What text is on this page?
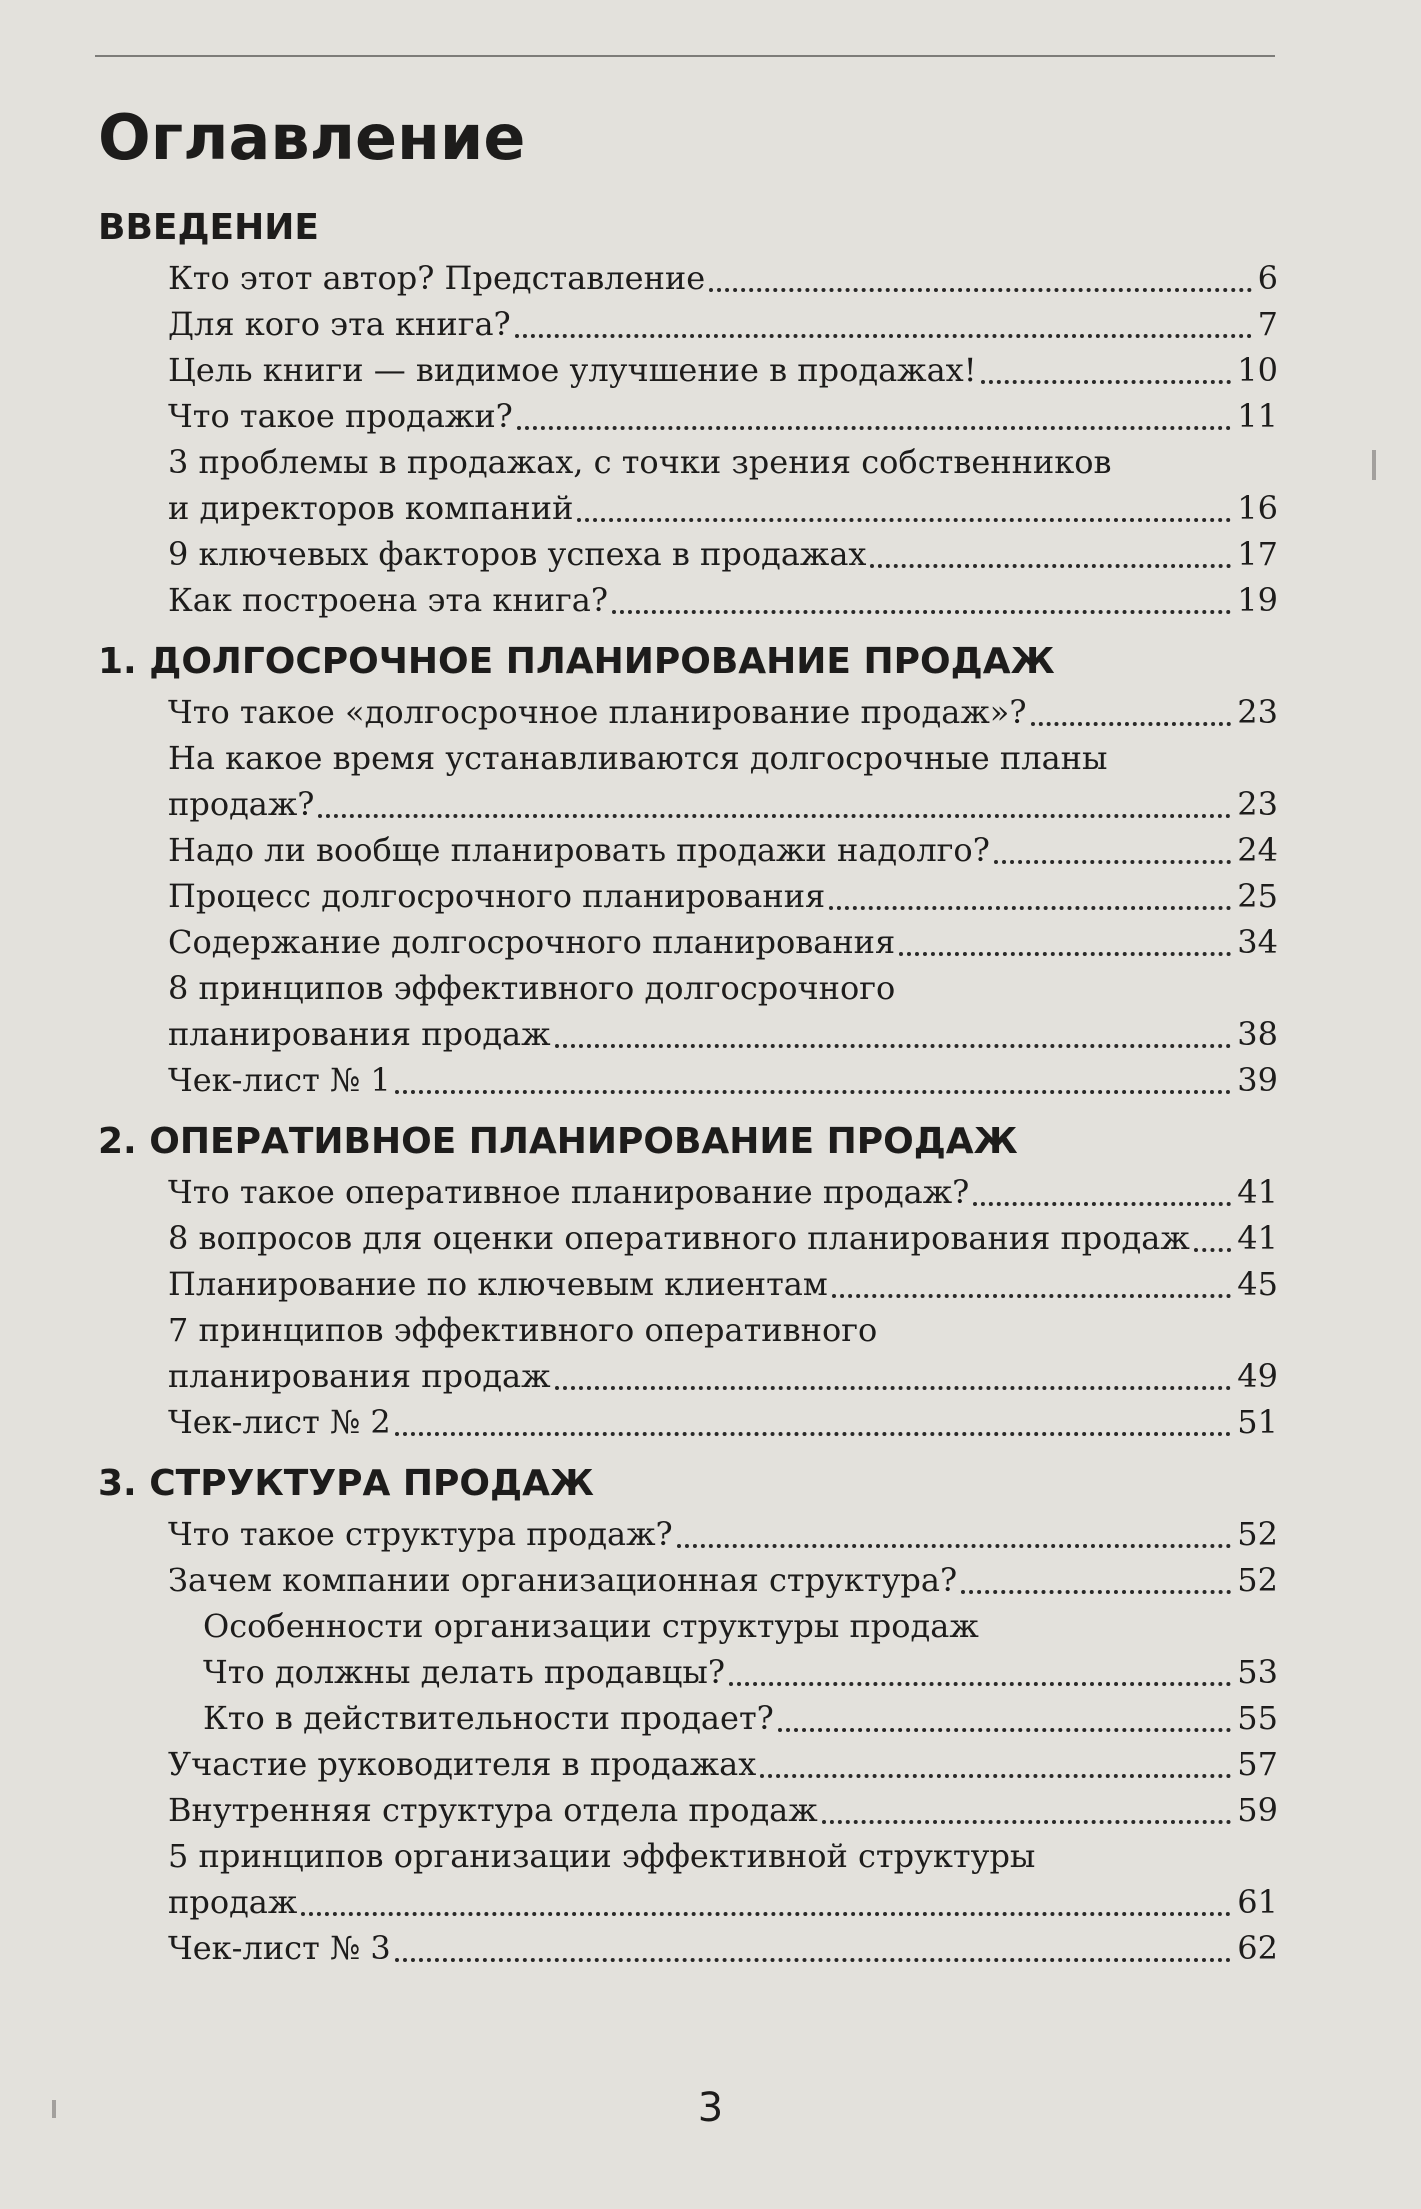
Оглавление
ВВЕДЕНИЕ
Кто этот автор? Представление	6
Для кого эта книга?	7
Цель книги — видимое улучшение в продажах!	10
Что такое продажи?	11
3 проблемы в продажах, с точки зрения собственников
и директоров компаний	16
9 ключевых факторов успеха в продажах	17
Как построена эта книга?	19
1. ДОЛГОСРОЧНОЕ ПЛАНИРОВАНИЕ ПРОДАЖ
Что такое «долгосрочное планирование продаж»?	23
На какое время устанавливаются долгосрочные планы
продаж?	23
Надо ли вообще планировать продажи надолго?	24
Процесс долгосрочного планирования	25
Содержание долгосрочного планирования	34
8 принципов эффективного долгосрочного
планирования продаж	38
Чек-лист № 1	39
2. ОПЕРАТИВНОЕ ПЛАНИРОВАНИЕ ПРОДАЖ
Что такое оперативное планирование продаж?	41
8 вопросов для оценки оперативного планирования продаж	41
Планирование по ключевым клиентам	45
7 принципов эффективного оперативного
планирования продаж	49
Чек-лист № 2	51
3. СТРУКТУРА ПРОДАЖ
Что такое структура продаж?	52
Зачем компании организационная структура?	52
Особенности организации структуры продаж
Что должны делать продавцы?	53
Кто в действительности продает?	55
Участие руководителя в продажах	57
Внутренняя структура отдела продаж	59
5 принципов организации эффективной структуры
продаж	61
Чек-лист № 3	62
3
